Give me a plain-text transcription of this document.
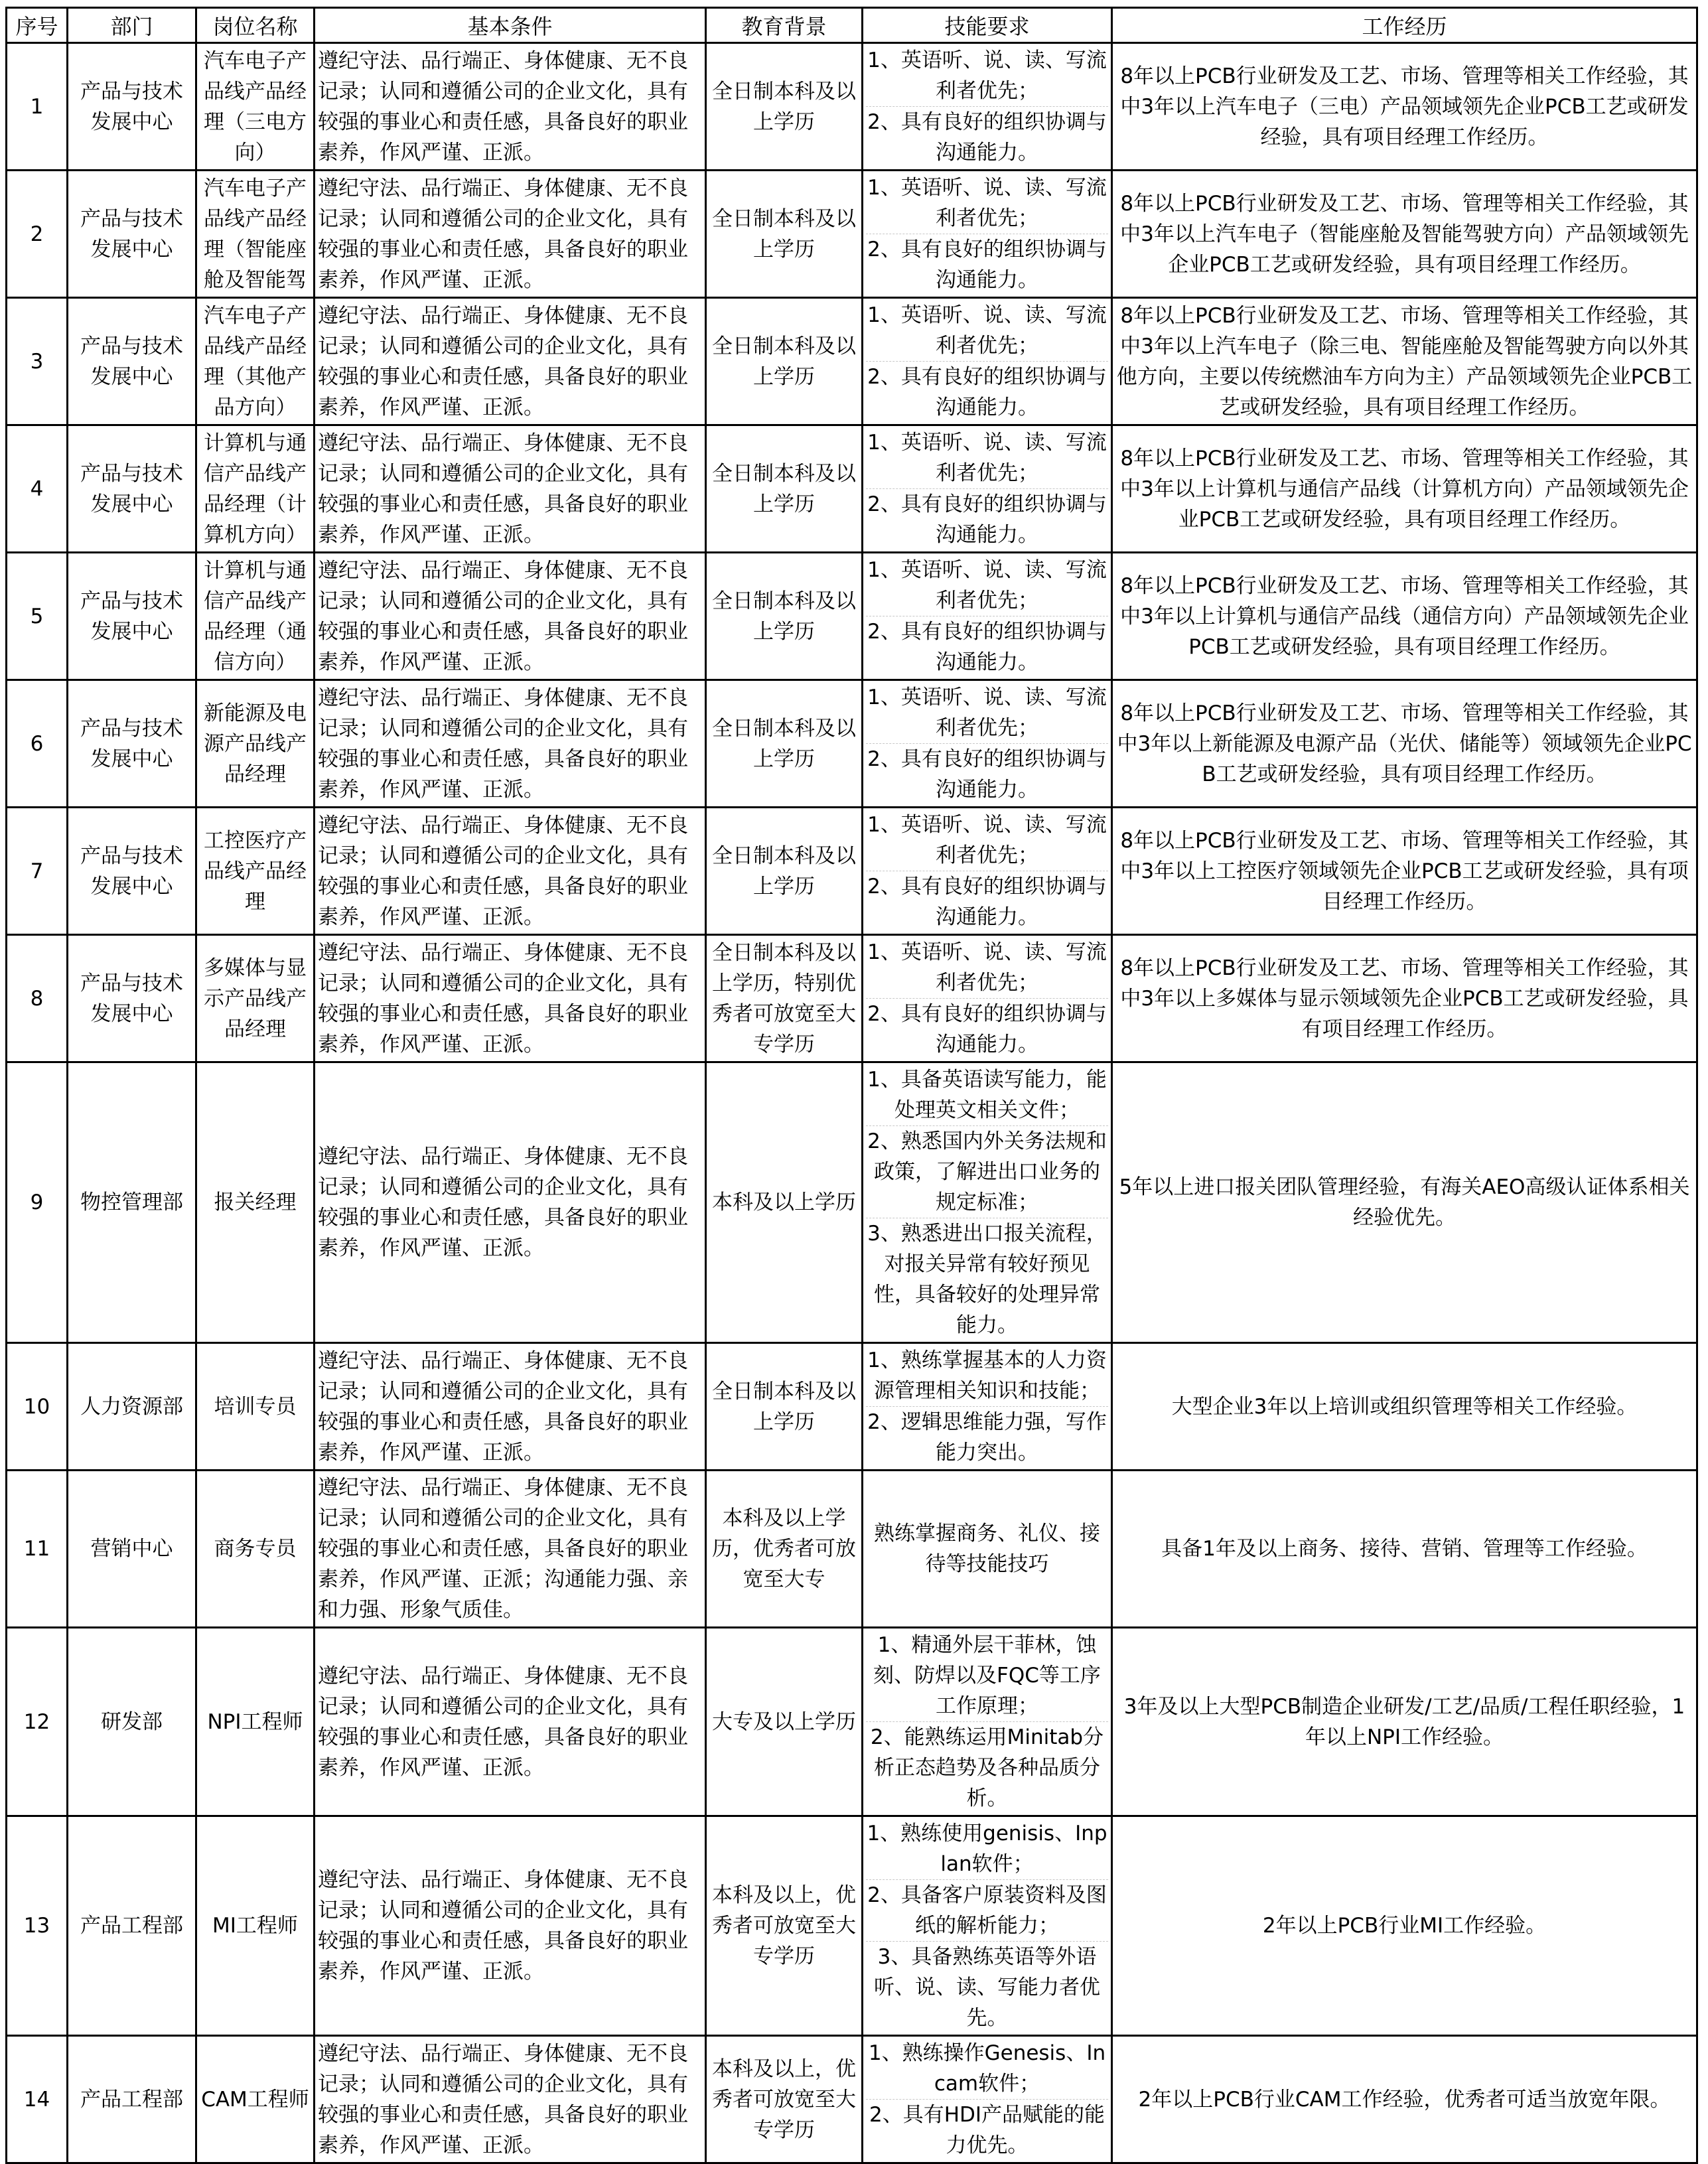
序号	部门	岗位名称	基本条件	教育背景	技能要求	工作经历
1	产品与技术发展中心	汽车电子产品线产品经理（三电方向）	遵纪守法、品行端正、身体健康、无不良记录；认同和遵循公司的企业文化，具有较强的事业心和责任感，具备良好的职业素养，作风严谨、正派。	全日制本科及以上学历	1、英语听、说、读、写流利者优先；
2、具有良好的组织协调与沟通能力。	8年以上PCB行业研发及工艺、市场、管理等相关工作经验，其中3年以上汽车电子（三电）产品领域领先企业PCB工艺或研发经验，具有项目经理工作经历。

2	产品与技术发展中心	汽车电子产品线产品经理（智能座舱及智能驾	遵纪守法、品行端正、身体健康、无不良记录；认同和遵循公司的企业文化，具有较强的事业心和责任感，具备良好的职业素养，作风严谨、正派。	全日制本科及以上学历	1、英语听、说、读、写流利者优先；
2、具有良好的组织协调与沟通能力。	8年以上PCB行业研发及工艺、市场、管理等相关工作经验，其中3年以上汽车电子（智能座舱及智能驾驶方向）产品领域领先企业PCB工艺或研发经验，具有项目经理工作经历。

3	产品与技术发展中心	汽车电子产品线产品经理（其他产品方向）	遵纪守法、品行端正、身体健康、无不良记录；认同和遵循公司的企业文化，具有较强的事业心和责任感，具备良好的职业素养，作风严谨、正派。	全日制本科及以上学历	1、英语听、说、读、写流利者优先；
2、具有良好的组织协调与沟通能力。	8年以上PCB行业研发及工艺、市场、管理等相关工作经验，其中3年以上汽车电子（除三电、智能座舱及智能驾驶方向以外其他方向，主要以传统燃油车方向为主）产品领域领先企业PCB工艺或研发经验，具有项目经理工作经历。

4	产品与技术发展中心	计算机与通信产品线产品经理（计算机方向）	遵纪守法、品行端正、身体健康、无不良记录；认同和遵循公司的企业文化，具有较强的事业心和责任感，具备良好的职业素养，作风严谨、正派。	全日制本科及以上学历	1、英语听、说、读、写流利者优先；
2、具有良好的组织协调与沟通能力。	8年以上PCB行业研发及工艺、市场、管理等相关工作经验，其中3年以上计算机与通信产品线（计算机方向）产品领域领先企业PCB工艺或研发经验，具有项目经理工作经历。

5	产品与技术发展中心	计算机与通信产品线产品经理（通信方向）	遵纪守法、品行端正、身体健康、无不良记录；认同和遵循公司的企业文化，具有较强的事业心和责任感，具备良好的职业素养，作风严谨、正派。	全日制本科及以上学历	1、英语听、说、读、写流利者优先；
2、具有良好的组织协调与沟通能力。	8年以上PCB行业研发及工艺、市场、管理等相关工作经验，其中3年以上计算机与通信产品线（通信方向）产品领域领先企业PCB工艺或研发经验，具有项目经理工作经历。

6	产品与技术发展中心	新能源及电源产品线产品经理	遵纪守法、品行端正、身体健康、无不良记录；认同和遵循公司的企业文化，具有较强的事业心和责任感，具备良好的职业素养，作风严谨、正派。	全日制本科及以上学历	1、英语听、说、读、写流利者优先；
2、具有良好的组织协调与沟通能力。	8年以上PCB行业研发及工艺、市场、管理等相关工作经验，其中3年以上新能源及电源产品（光伏、储能等）领域领先企业PCB工艺或研发经验，具有项目经理工作经历。

7	产品与技术发展中心	工控医疗产品线产品经理	遵纪守法、品行端正、身体健康、无不良记录；认同和遵循公司的企业文化，具有较强的事业心和责任感，具备良好的职业素养，作风严谨、正派。	全日制本科及以上学历	1、英语听、说、读、写流利者优先；
2、具有良好的组织协调与沟通能力。	8年以上PCB行业研发及工艺、市场、管理等相关工作经验，其中3年以上工控医疗领域领先企业PCB工艺或研发经验，具有项目经理工作经历。

8	产品与技术发展中心	多媒体与显示产品线产品经理	遵纪守法、品行端正、身体健康、无不良记录；认同和遵循公司的企业文化，具有较强的事业心和责任感，具备良好的职业素养，作风严谨、正派。	全日制本科及以上学历，特别优秀者可放宽至大专学历	1、英语听、说、读、写流利者优先；
2、具有良好的组织协调与沟通能力。	8年以上PCB行业研发及工艺、市场、管理等相关工作经验，其中3年以上多媒体与显示领域领先企业PCB工艺或研发经验，具有项目经理工作经历。

9	物控管理部	报关经理	遵纪守法、品行端正、身体健康、无不良记录；认同和遵循公司的企业文化，具有较强的事业心和责任感，具备良好的职业素养，作风严谨、正派。	本科及以上学历	1、具备英语读写能力，能处理英文相关文件；
2、熟悉国内外关务法规和政策，了解进出口业务的规定标准；
3、熟悉进出口报关流程，对报关异常有较好预见性，具备较好的处理异常能力。	5年以上进口报关团队管理经验，有海关AEO高级认证体系相关经验优先。

10	人力资源部	培训专员	遵纪守法、品行端正、身体健康、无不良记录；认同和遵循公司的企业文化，具有较强的事业心和责任感，具备良好的职业素养，作风严谨、正派。	全日制本科及以上学历	1、熟练掌握基本的人力资源管理相关知识和技能；
2、逻辑思维能力强，写作能力突出。	大型企业3年以上培训或组织管理等相关工作经验。

11	营销中心	商务专员	遵纪守法、品行端正、身体健康、无不良记录；认同和遵循公司的企业文化，具有较强的事业心和责任感，具备良好的职业素养，作风严谨、正派；沟通能力强、亲和力强、形象气质佳。	本科及以上学历，优秀者可放宽至大专	熟练掌握商务、礼仪、接待等技能技巧	具备1年及以上商务、接待、营销、管理等工作经验。

12	研发部	NPI工程师	遵纪守法、品行端正、身体健康、无不良记录；认同和遵循公司的企业文化，具有较强的事业心和责任感，具备良好的职业素养，作风严谨、正派。	大专及以上学历	1、精通外层干菲林，蚀刻、防焊以及FQC等工序工作原理；
2、能熟练运用Minitab分析正态趋势及各种品质分析。	3年及以上大型PCB制造企业研发/工艺/品质/工程任职经验，1年以上NPI工作经验。

13	产品工程部	MI工程师	遵纪守法、品行端正、身体健康、无不良记录；认同和遵循公司的企业文化，具有较强的事业心和责任感，具备良好的职业素养，作风严谨、正派。	本科及以上，优秀者可放宽至大专学历	1、熟练使用genisis、Inplan软件；
2、具备客户原装资料及图纸的解析能力；
3、具备熟练英语等外语听、说、读、写能力者优先。	2年以上PCB行业MI工作经验。

14	产品工程部	CAM工程师	遵纪守法、品行端正、身体健康、无不良记录；认同和遵循公司的企业文化，具有较强的事业心和责任感，具备良好的职业素养，作风严谨、正派。	本科及以上，优秀者可放宽至大专学历	1、熟练操作Genesis、Incam软件；
2、具有HDI产品赋能的能力优先。	2年以上PCB行业CAM工作经验，优秀者可适当放宽年限。
